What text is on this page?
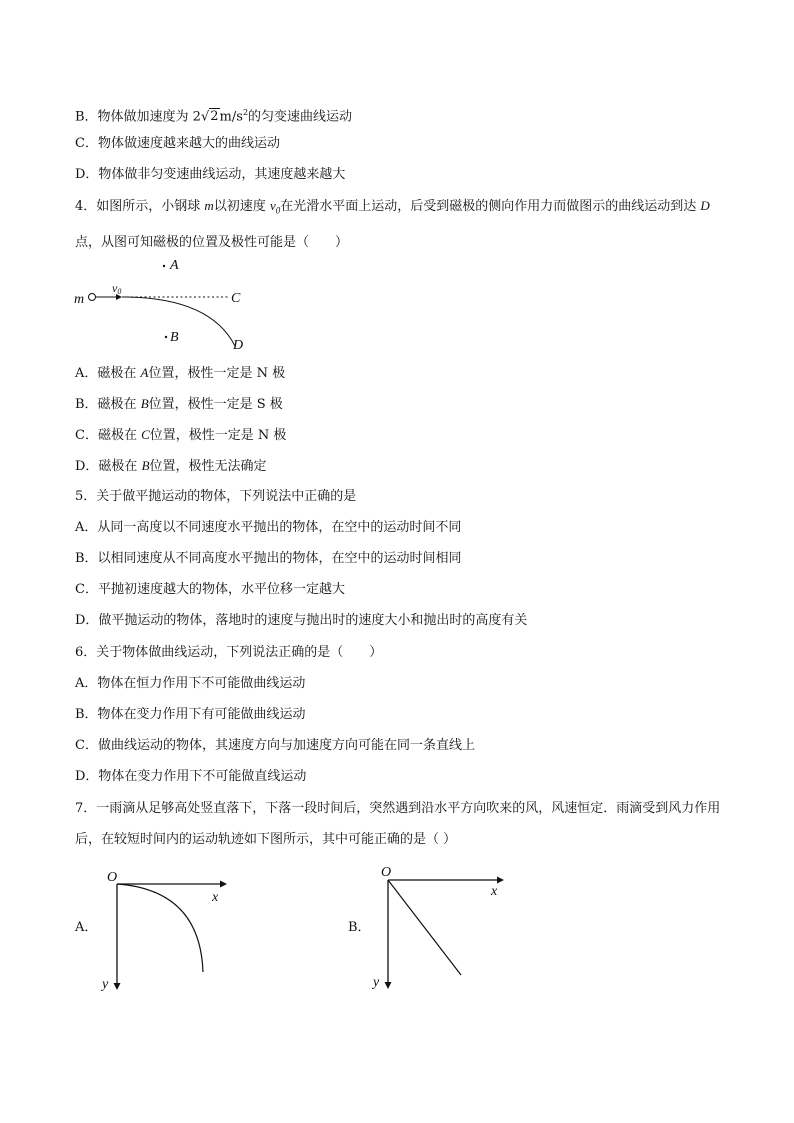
B．物体做加速度为 $2√2m/s^2$的匀变速曲线运动
C．物体做速度越来越大的曲线运动
D．物体做非匀变速曲线运动，其速度越来越大
4．如图所示，小钢球 m以初速度 $v_0$在光滑水平面上运动，后受到磁极的侧向作用力而做图示的曲线运动到达 D点，从图可知磁极的位置及极性可能是（　　）
m
v0
A
B
C
D
A．磁极在 A位置，极性一定是 N 极
B．磁极在 B位置，极性一定是 S 极
C．磁极在 C位置，极性一定是 N 极
D．磁极在 B位置，极性无法确定
5．关于做平抛运动的物体，下列说法中正确的是
A．从同一高度以不同速度水平抛出的物体，在空中的运动时间不同
B．以相同速度从不同高度水平抛出的物体，在空中的运动时间相同
C．平抛初速度越大的物体，水平位移一定越大
D．做平抛运动的物体，落地时的速度与抛出时的速度大小和抛出时的高度有关
6．关于物体做曲线运动，下列说法正确的是（　　）
A．物体在恒力作用下不可能做曲线运动
B．物体在变力作用下有可能做曲线运动
C．做曲线运动的物体，其速度方向与加速度方向可能在同一条直线上
D．物体在变力作用下不可能做直线运动
7．一雨滴从足够高处竖直落下，下落一段时间后，突然遇到沿水平方向吹来的风，风速恒定．雨滴受到风力作用后，在较短时间内的运动轨迹如下图所示，其中可能正确的是（ ）
A．
O
x
y
B．
O
x
y
